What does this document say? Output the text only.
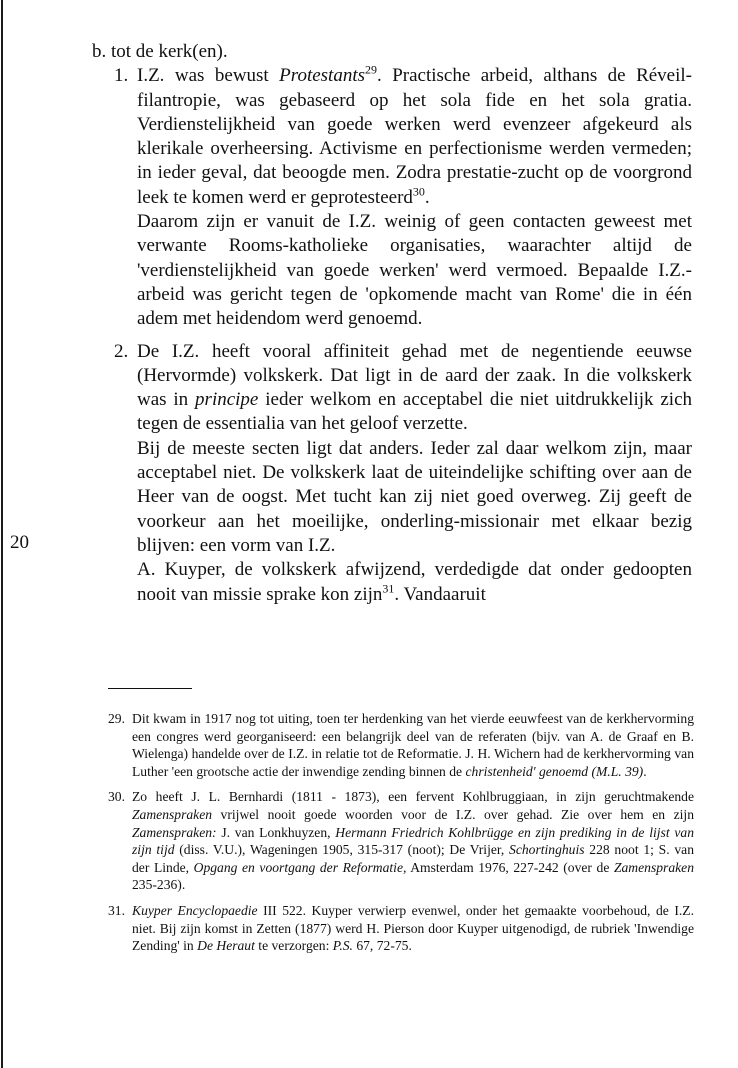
20

b. tot de kerk(en).

1. I.Z. was bewust Protestants$^{29}$. Practische arbeid, althans de Réveil-filantropie, was gebaseerd op het sola fide en het sola gratia. Verdienstelijkheid van goede werken werd evenzeer afgekeurd als klerikale overheersing. Activisme en perfectionisme werden vermeden; in ieder geval, dat beoogde men. Zodra prestatie-zucht op de voorgrond leek te komen werd er geprotesteerd$^{30}$.

Daarom zijn er vanuit de I.Z. weinig of geen contacten geweest met verwante Rooms-katholieke organisaties, waarachter altijd de 'verdienstelijkheid van goede werken' werd vermoed. Bepaalde I.Z.-arbeid was gericht tegen de 'opkomende macht van Rome' die in één adem met heidendom werd genoemd.

2. De I.Z. heeft vooral affiniteit gehad met de negentiende eeuwse (Hervormde) volkskerk. Dat ligt in de aard der zaak. In die volkskerk was in principe ieder welkom en acceptabel die niet uitdrukkelijk zich tegen de essentialia van het geloof verzette.

Bij de meeste secten ligt dat anders. Ieder zal daar welkom zijn, maar acceptabel niet. De volkskerk laat de uiteindelijke schifting over aan de Heer van de oogst. Met tucht kan zij niet goed overweg. Zij geeft de voorkeur aan het moeilijke, onderling-missionair met elkaar bezig blijven: een vorm van I.Z.

A. Kuyper, de volkskerk afwijzend, verdedigde dat onder gedoopten nooit van missie sprake kon zijn$^{31}$. Vandaaruit

29. Dit kwam in 1917 nog tot uiting, toen ter herdenking van het vierde eeuwfeest van de kerkhervorming een congres werd georganiseerd: een belangrijk deel van de referaten (bijv. van A. de Graaf en B. Wielenga) handelde over de I.Z. in relatie tot de Reformatie. J. H. Wichern had de kerkhervorming van Luther 'een grootsche actie der inwendige zending binnen de christenheid' genoemd (M.L. 39).

30. Zo heeft J. L. Bernhardi (1811 - 1873), een fervent Kohlbruggiaan, in zijn geruchtmakende Zamenspraken vrijwel nooit goede woorden voor de I.Z. over gehad. Zie over hem en zijn Zamenspraken: J. van Lonkhuyzen, Hermann Friedrich Kohlbrügge en zijn prediking in de lijst van zijn tijd (diss. V.U.), Wageningen 1905, 315-317 (noot); De Vrijer, Schortinghuis 228 noot 1; S. van der Linde, Opgang en voortgang der Reformatie, Amsterdam 1976, 227-242 (over de Zamenspraken 235-236).

31. Kuyper Encyclopaedie III 522. Kuyper verwierp evenwel, onder het gemaakte voorbehoud, de I.Z. niet. Bij zijn komst in Zetten (1877) werd H. Pierson door Kuyper uitgenodigd, de rubriek 'Inwendige Zending' in De Heraut te verzorgen: P.S. 67, 72-75.
